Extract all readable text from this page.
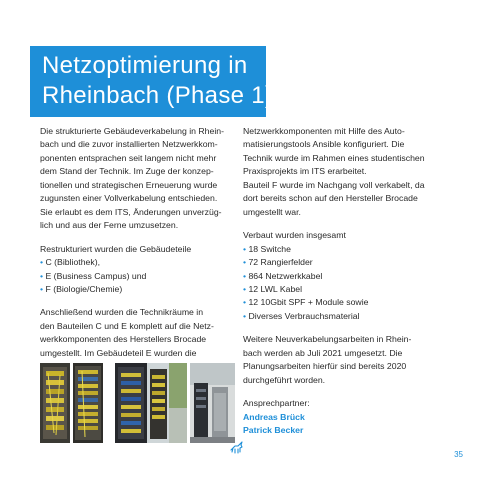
Netzoptimierung in
Rheinbach (Phase 1)
Die strukturierte Gebäudeverkabelung in Rhein-
bach und die zuvor installierten Netzwerkkom-
ponenten entsprachen seit langem nicht mehr
dem Stand der Technik. Im Zuge der konzep-
tionellen und strategischen Erneuerung wurde
zugunsten einer Vollverkabelung entschieden.
Sie erlaubt es dem ITS, Änderungen unverzüg-
lich und aus der Ferne umzusetzen.
Restrukturiert wurden die Gebäudeteile
• C (Bibliothek),
• E (Business Campus) und
• F (Biologie/Chemie)
Anschließend wurden die Technikräume in
den Bauteilen C und E komplett auf die Netz-
werkkomponenten des Herstellers Brocade
umgestellt. Im Gebäudeteil E wurden die
Netzwerkkomponenten mit Hilfe des Auto-
matisierungstools Ansible konfiguriert. Die
Technik wurde im Rahmen eines studentischen
Praxisprojekts im ITS erarbeitet.
Bauteil F wurde im Nachgang voll verkabelt, da
dort bereits schon auf den Hersteller Brocade
umgestellt war.
Verbaut wurden insgesamt
• 18 Switche
• 72 Rangierfelder
• 864 Netzwerkkabel
• 12 LWL Kabel
• 12 10Gbit SPF + Module sowie
• Diverses Verbrauchsmaterial
Weitere Neuverkabelungsarbeiten in Rhein-
bach werden ab Juli 2021 umgesetzt. Die
Planungsarbeiten hierfür sind bereits 2020
durchgeführt worden.
Ansprechpartner:
Andreas Brück
Patrick Becker
35
